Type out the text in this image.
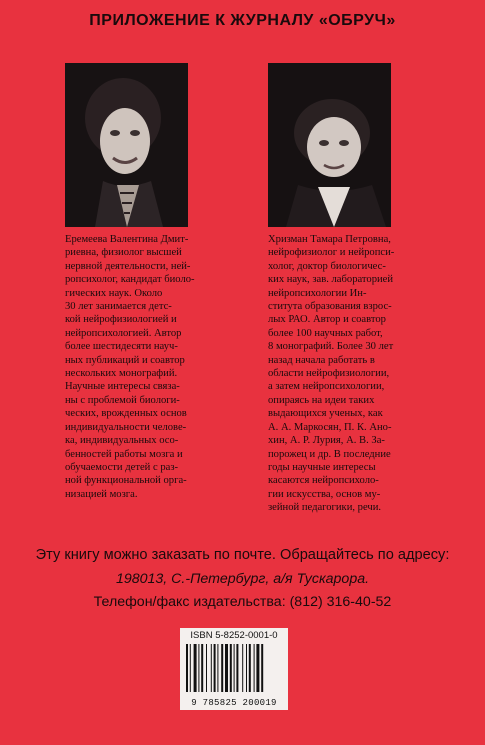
ПРИЛОЖЕНИЕ К ЖУРНАЛУ «ОБРУЧ»
Еремеева Валентина Дмит-
риевна, физиолог высшей
нервной деятельности, ней-
ропсихолог, кандидат биоло-
гических наук. Около
30 лет занимается детс-
кой нейрофизиологией и
нейропсихологией. Автор
более шестидесяти науч-
ных публикаций и соавтор
нескольких монографий.
Научные интересы связа-
ны с проблемой биологи-
ческих, врожденных основ
индивидуальности челове-
ка, индивидуальных осо-
бенностей работы мозга и
обучаемости детей с раз-
ной функциональной орга-
низацией мозга.
Хризман Тамара Петровна,
нейрофизиолог и нейропси-
холог, доктор биологичес-
ких наук, зав. лабораторией
нейропсихологии Ин-
ститута образования взрос-
лых РАО. Автор и соавтор
более 100 научных работ,
8 монографий. Более 30 лет
назад начала работать в
области нейрофизиологии,
а затем нейропсихологии,
опираясь на идеи таких
выдающихся ученых, как
А. А. Маркосян, П. К. Ано-
хин, А. Р. Лурия, А. В. За-
порожец и др. В последние
годы научные интересы
касаются нейропсихоло-
гии искусства, основ му-
зейной педагогики, речи.
Эту книгу можно заказать по почте. Обращайтесь по адресу:
198013, С.-Петербург, а/я Тускарора.
Телефон/факс издательства: (812) 316-40-52
ISBN 5-8252-0001-0
9 785825 200019
